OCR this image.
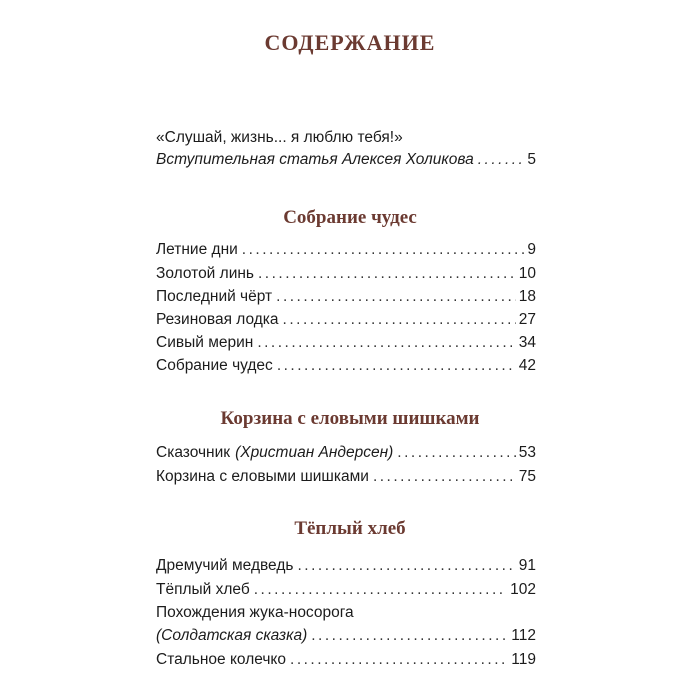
СОДЕРЖАНИЕ
«Слушай, жизнь... я люблю тебя!»
Вступительная статья Алексея Холикова .....	5
Собрание чудес
Летние дни .....	9
Золотой линь .....	10
Последний чёрт .....	18
Резиновая лодка .....	27
Сивый мерин .....	34
Собрание чудес .....	42
Корзина с еловыми шишками
Сказочник (Христиан Андерсен) .....	53
Корзина с еловыми шишками .....	75
Тёплый хлеб
Дремучий медведь .....	91
Тёплый хлеб .....	102
Похождения жука-носорога
(Солдатская сказка) .....	112
Стальное колечко .....	119
